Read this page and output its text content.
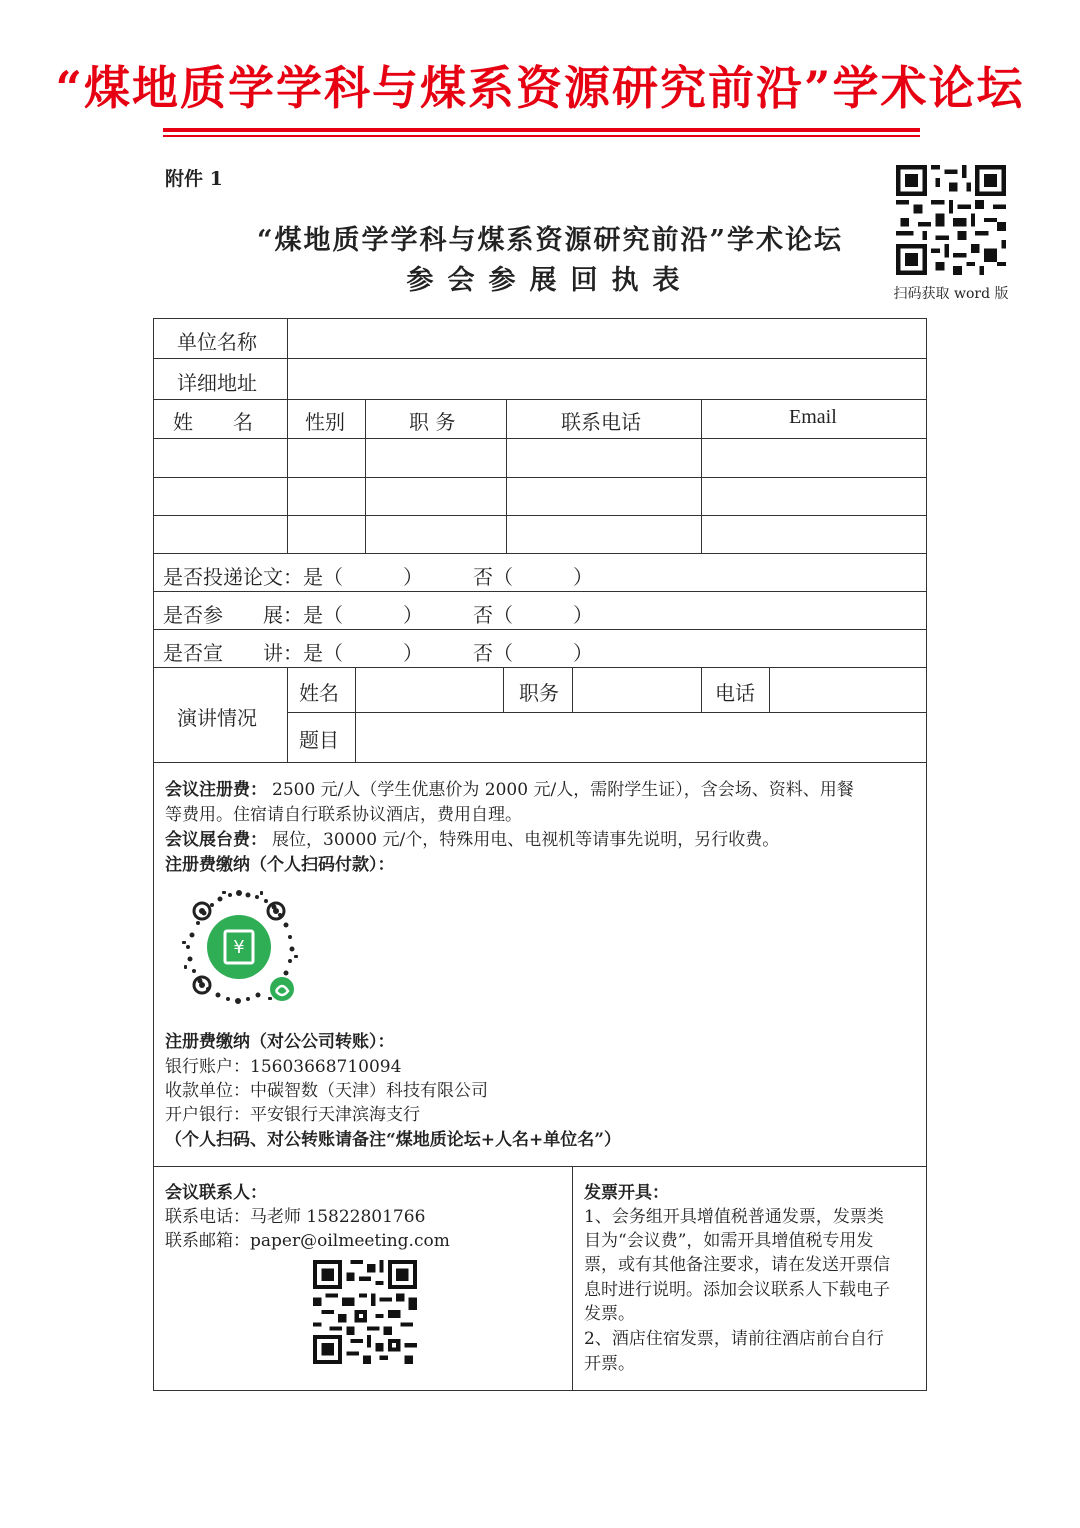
“煤地质学学科与煤系资源研究前沿”学术论坛
附件 1
“煤地质学学科与煤系资源研究前沿”学术论坛
参会参展回执表	扫码获取 word 版
单位名称
详细地址
姓　　名	性别	职 务	联系电话	Email
是否投递论文：是（　　　）　　　否（　　　）
是否参　　展：是（　　　）　　　否（　　　）
是否宣　　讲：是（　　　）　　　否（　　　）
演讲情况
姓名	职务	电话
题目
会议注册费： 2500 元/人（学生优惠价为 2000 元/人，需附学生证），含会场、资料、用餐
等费用。住宿请自行联系协议酒店，费用自理。
会议展台费： 展位，30000 元/个，特殊用电、电视机等请事先说明，另行收费。
注册费缴纳（个人扫码付款）：
¥
注册费缴纳（对公公司转账）：
银行账户：15603668710094
收款单位：中碳智数（天津）科技有限公司
开户银行：平安银行天津滨海支行
（个人扫码、对公转账请备注“煤地质论坛+人名+单位名”）
会议联系人：
联系电话：马老师 15822801766
联系邮箱：paper@oilmeeting.com
发票开具：
1、会务组开具增值税普通发票，发票类
目为“会议费”，如需开具增值税专用发
票，或有其他备注要求，请在发送开票信
息时进行说明。添加会议联系人下载电子
发票。
2、酒店住宿发票，请前往酒店前台自行
开票。
